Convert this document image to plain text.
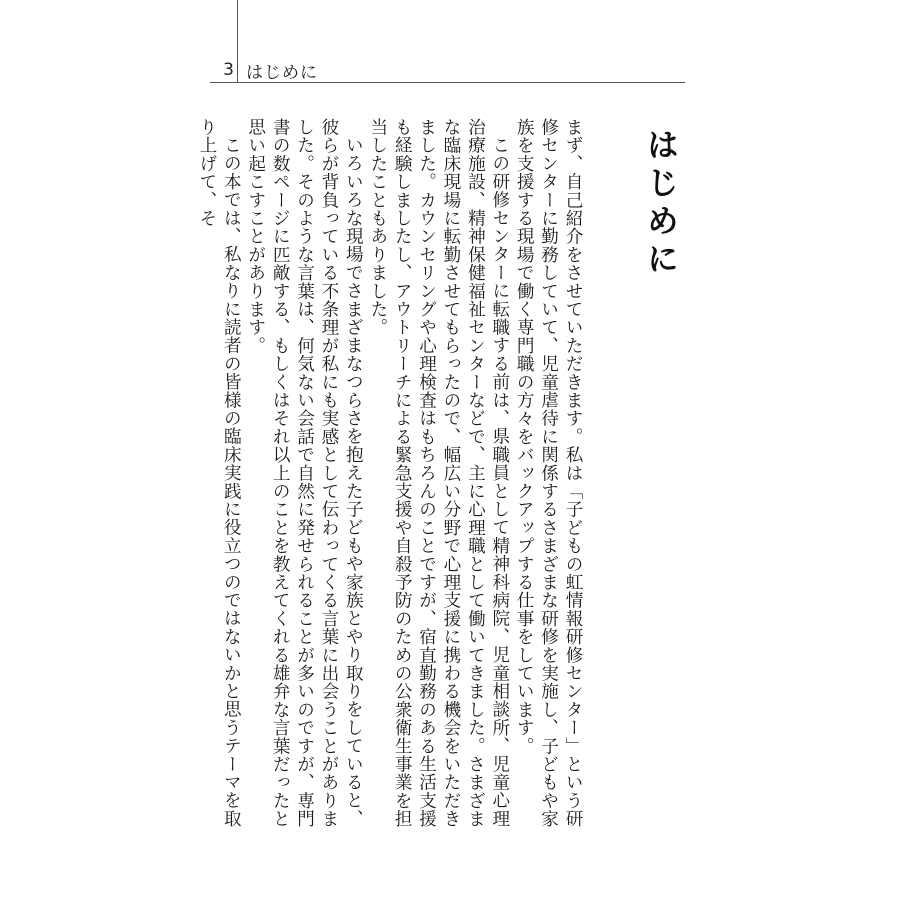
3 はじめに
はじめに

まず、自己紹介をさせていただきます。私は「子どもの虹情報研修センター」という研修センターに勤務していて、児童虐待に関係するさまざまな研修を実施し、子どもや家族を支援する現場で働く専門職の方々をバックアップする仕事をしています。

この研修センターに転職する前は、県職員として精神科病院、児童相談所、児童心理治療施設、精神保健福祉センターなどで、主に心理職として働いてきました。さまざまな臨床現場に転勤させてもらったので、幅広い分野で心理支援に携わる機会をいただきました。カウンセリングや心理検査はもちろんのことですが、宿直勤務のある生活支援も経験しましたし、アウトリーチによる緊急支援や自殺予防のための公衆衛生事業を担当したこともありました。

いろいろな現場でさまざまなつらさを抱えた子どもや家族とやり取りをしていると、彼らが背負っている不条理が私にも実感として伝わってくる言葉に出会うことがありました。そのような言葉は、何気ない会話で自然に発せられることが多いのですが、専門書の数ページに匹敵する、もしくはそれ以上のことを教えてくれる雄弁な言葉だったと思い起こすことがあります。

この本では、私なりに読者の皆様の臨床実践に役立つのではないかと思うテーマを取り上げて、そ
